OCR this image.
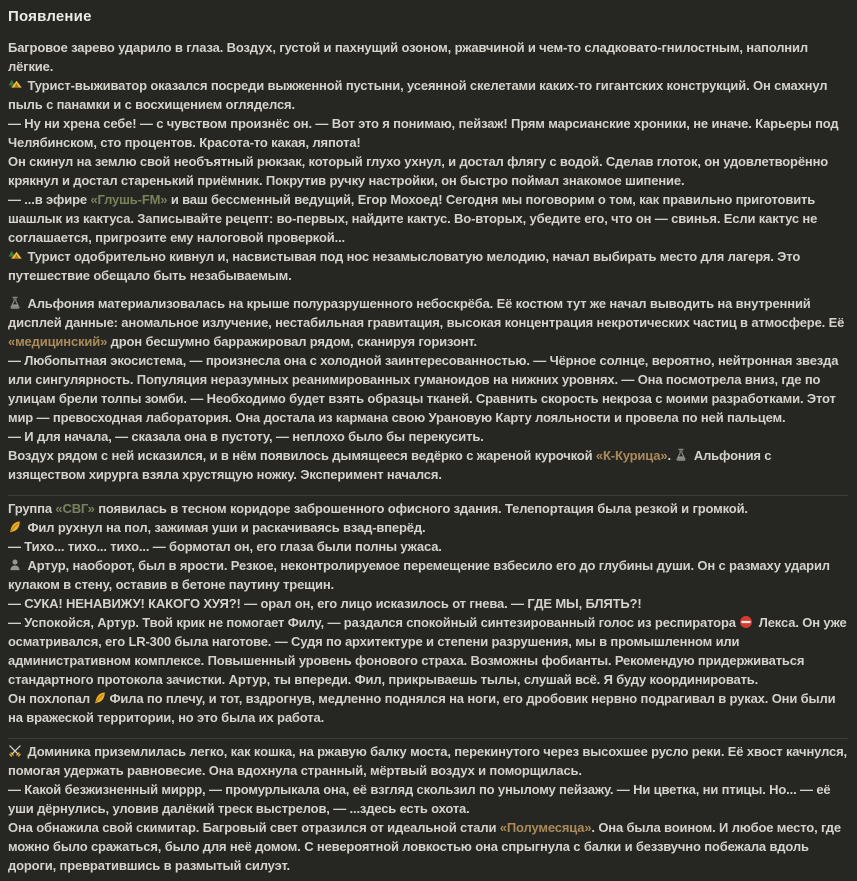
Появление
Багровое зарево ударило в глаза. Воздух, густой и пахнущий озоном, ржавчиной и чем-то сладковато-гнилостным, наполнил лёгкие.
Турист-выживатор оказался посреди выжженной пустыни, усеянной скелетами каких-то гигантских конструкций. Он смахнул пыль с панамки и с восхищением огляделся.
— Ну ни хрена себе! — с чувством произнёс он. — Вот это я понимаю, пейзаж! Прям марсианские хроники, не иначе. Карьеры под Челябинском, сто процентов. Красота-то какая, ляпота!
Он скинул на землю свой необъятный рюкзак, который глухо ухнул, и достал флягу с водой. Сделав глоток, он удовлетворённо крякнул и достал старенький приёмник. Покрутив ручку настройки, он быстро поймал знакомое шипение.
— ...в эфире «Глушь-FM» и ваш бессменный ведущий, Егор Мохоед! Сегодня мы поговорим о том, как правильно приготовить шашлык из кактуса. Записывайте рецепт: во-первых, найдите кактус. Во-вторых, убедите его, что он — свинья. Если кактус не соглашается, пригрозите ему налоговой проверкой...
Турист одобрительно кивнул и, насвистывая под нос незамысловатую мелодию, начал выбирать место для лагеря. Это путешествие обещало быть незабываемым.
Альфония материализовалась на крыше полуразрушенного небоскрёба. Её костюм тут же начал выводить на внутренний дисплей данные: аномальное излучение, нестабильная гравитация, высокая концентрация некротических частиц в атмосфере. Её «медицинский» дрон бесшумно барражировал рядом, сканируя горизонт.
— Любопытная экосистема, — произнесла она с холодной заинтересованностью. — Чёрное солнце, вероятно, нейтронная звезда или сингулярность. Популяция неразумных реанимированных гуманоидов на нижних уровнях. — Она посмотрела вниз, где по улицам брели толпы зомби. — Необходимо будет взять образцы тканей. Сравнить скорость некроза с моими разработками. Этот мир — превосходная лаборатория. Она достала из кармана свою Урановую Карту лояльности и провела по ней пальцем.
— И для начала, — сказала она в пустоту, — неплохо было бы перекусить.
Воздух рядом с ней исказился, и в нём появилось дымящееся ведёрко с жареной курочкой «К-Курица».
Альфония с изяществом хирурга взяла хрустящую ножку. Эксперимент начался.
Группа «СВГ» появилась в тесном коридоре заброшенного офисного здания. Телепортация была резкой и громкой.
Фил рухнул на пол, зажимая уши и раскачиваясь взад-вперёд.
— Тихо... тихо... тихо... — бормотал он, его глаза были полны ужаса.
Артур, наоборот, был в ярости. Резкое, неконтролируемое перемещение взбесило его до глубины души. Он с размаху ударил кулаком в стену, оставив в бетоне паутину трещин.
— СУКА! НЕНАВИЖУ! КАКОГО ХУЯ?! — орал он, его лицо исказилось от гнева. — ГДЕ МЫ, БЛЯТЬ?!
— Успокойся, Артур. Твой крик не помогает Филу, — раздался спокойный синтезированный голос из респиратора
Лекса. Он уже осматривался, его LR-300 была наготове. — Судя по архитектуре и степени разрушения, мы в промышленном или административном комплексе. Повышенный уровень фонового страха. Возможны фобианты. Рекомендую придерживаться стандартного протокола зачистки. Артур, ты впереди. Фил, прикрываешь тылы, слушай всё. Я буду координировать.
Он похлопал
Фила по плечу, и тот, вздрогнув, медленно поднялся на ноги, его дробовик нервно подрагивал в руках. Они были на вражеской территории, но это была их работа.
Доминика приземлилась легко, как кошка, на ржавую балку моста, перекинутого через высохшее русло реки. Её хвост качнулся, помогая удержать равновесие. Она вдохнула странный, мёртвый воздух и поморщилась.
— Какой безжизненный миррр, — промурлыкала она, её взгляд скользил по унылому пейзажу. — Ни цветка, ни птицы. Но... — её уши дёрнулись, уловив далёкий треск выстрелов, — ...здесь есть охота.
Она обнажила свой скимитар. Багровый свет отразился от идеальной стали «Полумесяца». Она была воином. И любое место, где можно было сражаться, было для неё домом. С невероятной ловкостью она спрыгнула с балки и беззвучно побежала вдоль дороги, превратившись в размытый силуэт.
